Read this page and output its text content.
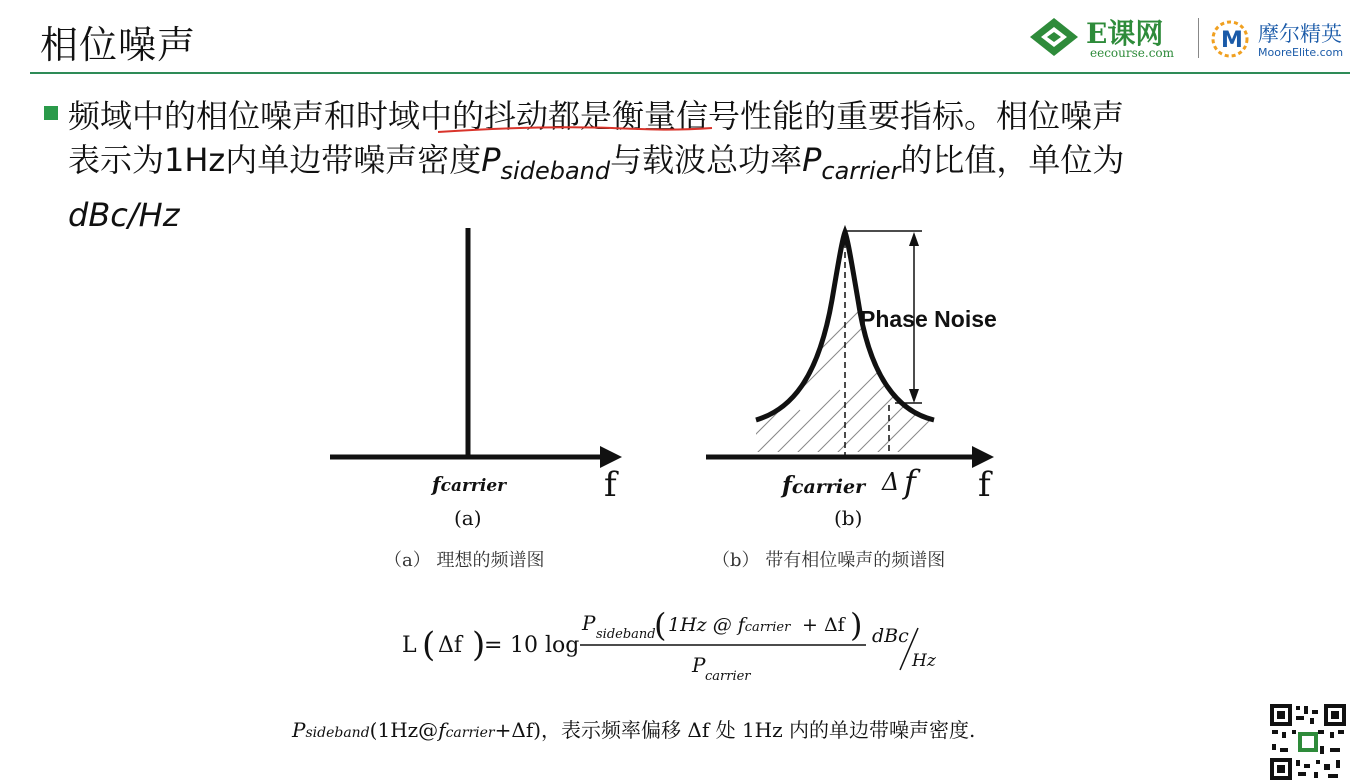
相位噪声	E课网
eecourse.com M 摩尔精英
MooreElite.com
频域中的相位噪声和时域中的抖动都是衡量信号性能的重要指标。相位噪声
表示为1Hz内单边带噪声密度$P_{sideband}$与载波总功率$P_{carrier}$的比值，单位为
dBc/Hz
f
fcarrier
(a)
Phase Noise
f
fcarrier Δ f
(b)
（a） 理想的频谱图	（b） 带有相位噪声的频谱图
L ( Δf )
= 10 log
P sideband
( 1Hz @ fcarrier + Δf )
P carrier
dBc
Hz
Psideband(1Hz@fcarrier+Δf)，表示频率偏移 Δf 处 1Hz 内的单边带噪声密度.
